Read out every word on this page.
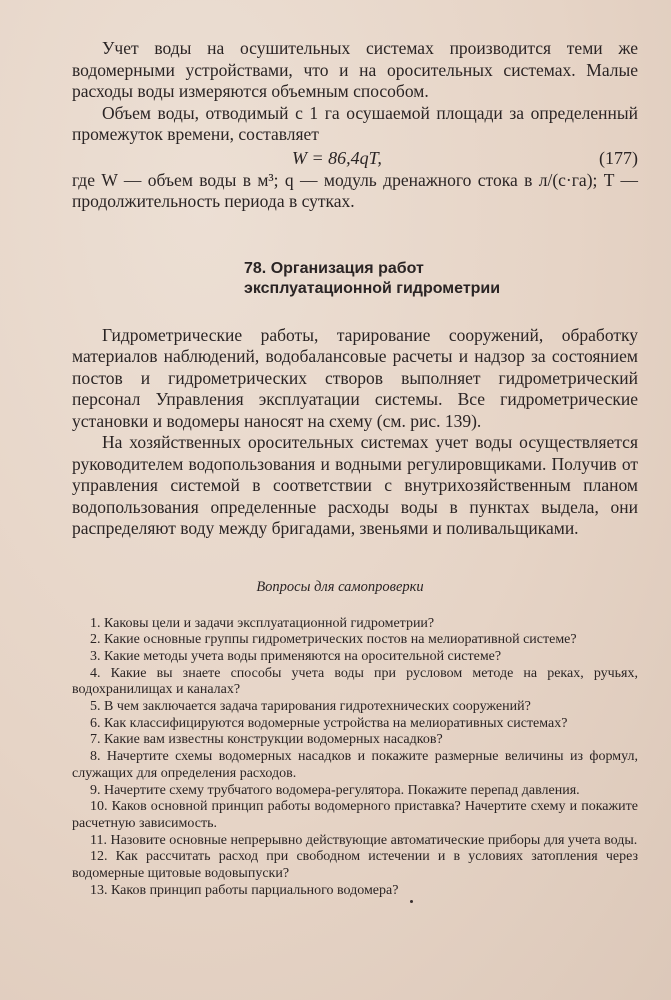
Учет воды на осушительных системах производится теми же водомерными устройствами, что и на оросительных системах. Малые расходы воды измеряются объемным способом.

Объем воды, отводимый с 1 га осушаемой площади за определенный промежуток времени, составляет

W = 86,4qT,	(177)

где W — объем воды в м³; q — модуль дренажного стока в л/(с·га); T — продолжительность периода в сутках.

78. Организация работ
эксплуатационной гидрометрии

Гидрометрические работы, тарирование сооружений, обработку материалов наблюдений, водобалансовые расчеты и надзор за состоянием постов и гидрометрических створов выполняет гидрометрический персонал Управления эксплуатации системы. Все гидрометрические установки и водомеры наносят на схему (см. рис. 139).

На хозяйственных оросительных системах учет воды осуществляется руководителем водопользования и водными регулировщиками. Получив от управления системой в соответствии с внутрихозяйственным планом водопользования определенные расходы воды в пунктах выдела, они распределяют воду между бригадами, звеньями и поливальщиками.

Вопросы для самопроверки
1. Каковы цели и задачи эксплуатационной гидрометрии?
2. Какие основные группы гидрометрических постов на мелиоративной системе?
3. Какие методы учета воды применяются на оросительной системе?
4. Какие вы знаете способы учета воды при русловом методе на реках, ручьях, водохранилищах и каналах?
5. В чем заключается задача тарирования гидротехнических сооружений?
6. Как классифицируются водомерные устройства на мелиоративных системах?
7. Какие вам известны конструкции водомерных насадков?
8. Начертите схемы водомерных насадков и покажите размерные величины из формул, служащих для определения расходов.
9. Начертите схему трубчатого водомера-регулятора. Покажите перепад давления.
10. Каков основной принцип работы водомерного приставка? Начертите схему и покажите расчетную зависимость.
11. Назовите основные непрерывно действующие автоматические приборы для учета воды.
12. Как рассчитать расход при свободном истечении и в условиях затопления через водомерные щитовые водовыпуски?
13. Каков принцип работы парциального водомера?
